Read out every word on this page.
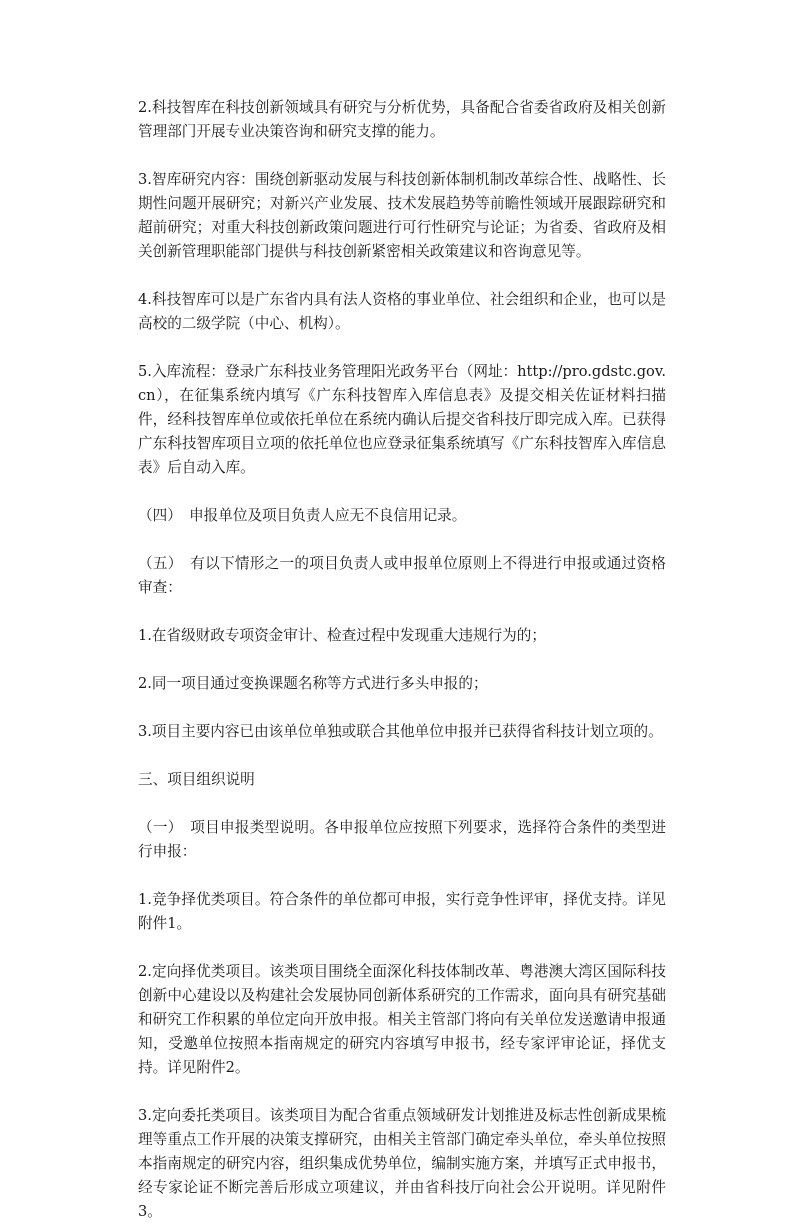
2.科技智库在科技创新领域具有研究与分析优势，具备配合省委省政府及相关创新管理部门开展专业决策咨询和研究支撑的能力。

3.智库研究内容：围绕创新驱动发展与科技创新体制机制改革综合性、战略性、长期性问题开展研究；对新兴产业发展、技术发展趋势等前瞻性领域开展跟踪研究和超前研究；对重大科技创新政策问题进行可行性研究与论证；为省委、省政府及相关创新管理职能部门提供与科技创新紧密相关政策建议和咨询意见等。

4.科技智库可以是广东省内具有法人资格的事业单位、社会组织和企业，也可以是高校的二级学院（中心、机构）。

5.入库流程：登录广东科技业务管理阳光政务平台（网址：http://pro.gdstc.gov.cn），在征集系统内填写《广东科技智库入库信息表》及提交相关佐证材料扫描件，经科技智库单位或依托单位在系统内确认后提交省科技厅即完成入库。已获得广东科技智库项目立项的依托单位也应登录征集系统填写《广东科技智库入库信息表》后自动入库。

（四）　申报单位及项目负责人应无不良信用记录。

（五）　有以下情形之一的项目负责人或申报单位原则上不得进行申报或通过资格审查：

1.在省级财政专项资金审计、检查过程中发现重大违规行为的；

2.同一项目通过变换课题名称等方式进行多头申报的；

3.项目主要内容已由该单位单独或联合其他单位申报并已获得省科技计划立项的。

三、项目组织说明

（一）　项目申报类型说明。各申报单位应按照下列要求，选择符合条件的类型进行申报：

1.竞争择优类项目。符合条件的单位都可申报，实行竞争性评审，择优支持。详见附件1。

2.定向择优类项目。该类项目围绕全面深化科技体制改革、粤港澳大湾区国际科技创新中心建设以及构建社会发展协同创新体系研究的工作需求，面向具有研究基础和研究工作积累的单位定向开放申报。相关主管部门将向有关单位发送邀请申报通知，受邀单位按照本指南规定的研究内容填写申报书，经专家评审论证，择优支持。详见附件2。

3.定向委托类项目。该类项目为配合省重点领域研发计划推进及标志性创新成果梳理等重点工作开展的决策支撑研究，由相关主管部门确定牵头单位，牵头单位按照本指南规定的研究内容，组织集成优势单位，编制实施方案，并填写正式申报书，经专家论证不断完善后形成立项建议，并由省科技厅向社会公开说明。详见附件3。
